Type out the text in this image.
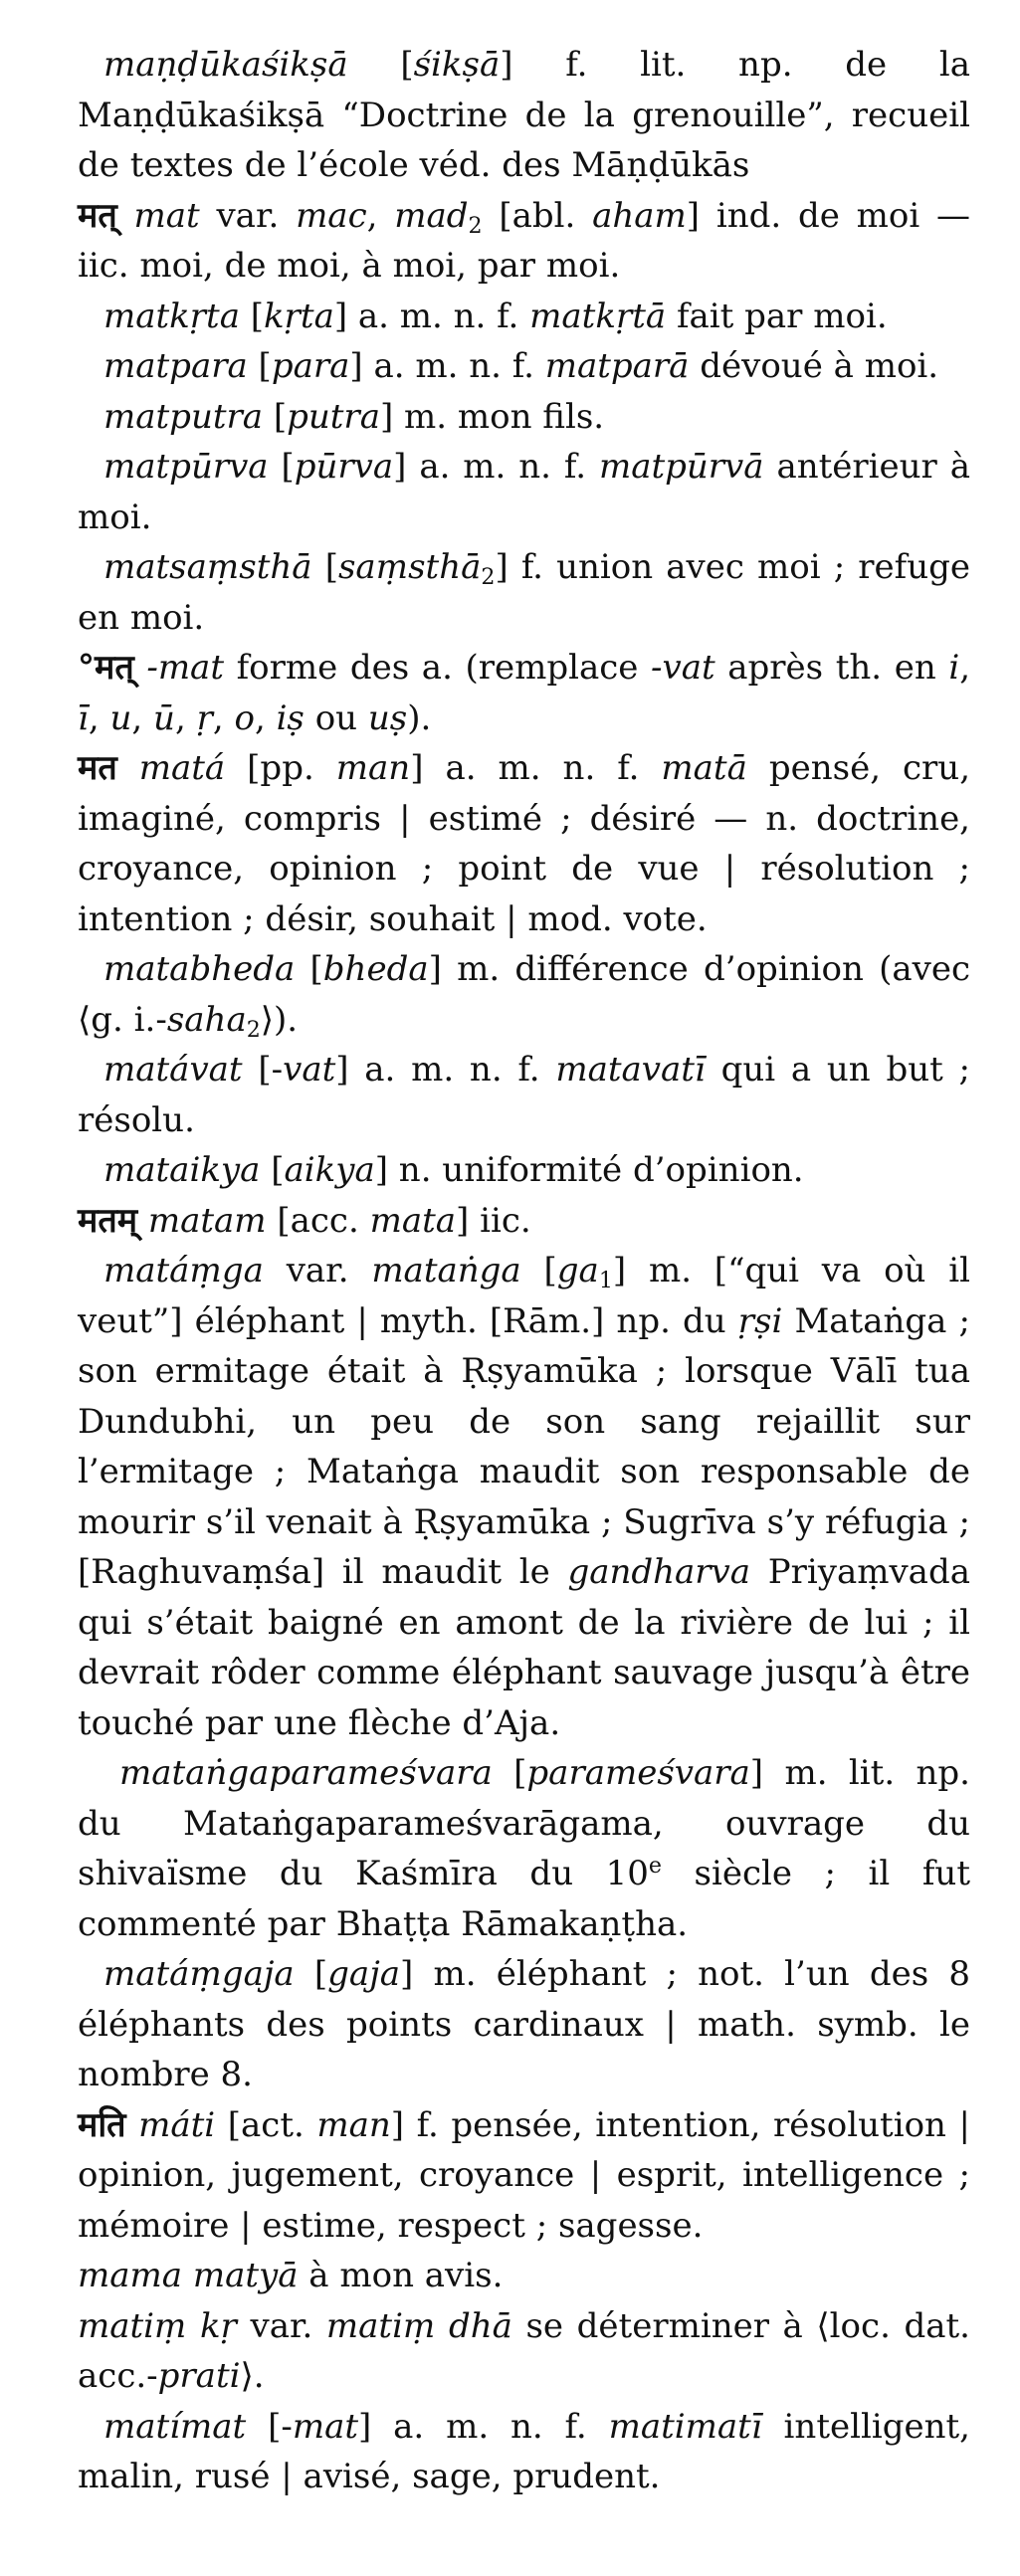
maṇḍūkaśikṣā [śikṣā] f. lit. np. de la Maṇḍūkaśikṣā “Doctrine de la grenouille”, recueil de textes de l’école véd. des Māṇḍūkās

मत् mat var. mac, mad$_2$ [abl. aham] ind. de moi — iic. moi, de moi, à moi, par moi.

matkṛta [kṛta] a. m. n. f. matkṛtā fait par moi.

matpara [para] a. m. n. f. matparā dévoué à moi.

matputra [putra] m. mon fils.

matpūrva [pūrva] a. m. n. f. matpūrvā antérieur à moi.

matsaṃsthā [saṃsthā$_2$] f. union avec moi ; refuge en moi.

°मत् -mat forme des a. (remplace -vat après th. en i, ī, u, ū, ṛ, o, iṣ ou uṣ).

मत matá [pp. man] a. m. n. f. matā pensé, cru, imaginé, compris | estimé ; désiré — n. doctrine, croyance, opinion ; point de vue | résolution ; intention ; désir, souhait | mod. vote.

matabheda [bheda] m. différence d’opinion (avec ⟨g. i.-saha$_2$⟩).

matávat [-vat] a. m. n. f. matavatī qui a un but ; résolu.

mataikya [aikya] n. uniformité d’opinion.

मतम् matam [acc. mata] iic.

matáṃga var. mataṅga $[ga_1]$ m. [“qui va où il veut”] éléphant | myth. [Rām.] np. du ṛṣi Mataṅga ; son ermitage était à Ṛṣyamūka ; lorsque Vālī tua Dundubhi, un peu de son sang rejaillit sur l’ermitage ; Mataṅga maudit son responsable de mourir s’il venait à Ṛṣyamūka ; Sugrīva s’y réfugia ; [Raghuvaṃśa] il maudit le gandharva Priyaṃvada qui s’était baigné en amont de la rivière de lui ; il devrait rôder comme éléphant sauvage jusqu’à être touché par une flèche d’Aja.

mataṅgaparameśvara [parameśvara] m. lit. np. du Mataṅgaparameśvarāgama, ouvrage du shivaïsme du Kaśmīra du 10e siècle ; il fut commenté par Bhaṭṭa Rāmakaṇṭha.

matáṃgaja [gaja] m. éléphant ; not. l’un des 8 éléphants des points cardinaux | math. symb. le nombre 8.

मति máti [act. man] f. pensée, intention, résolution | opinion, jugement, croyance | esprit, intelligence ; mémoire | estime, respect ; sagesse.

mama matyā à mon avis.

matiṃ kṛ var. matiṃ dhā se déterminer à ⟨loc. dat. acc.-prati⟩.

matímat [-mat] a. m. n. f. matimatī intelligent, malin, rusé | avisé, sage, prudent.
